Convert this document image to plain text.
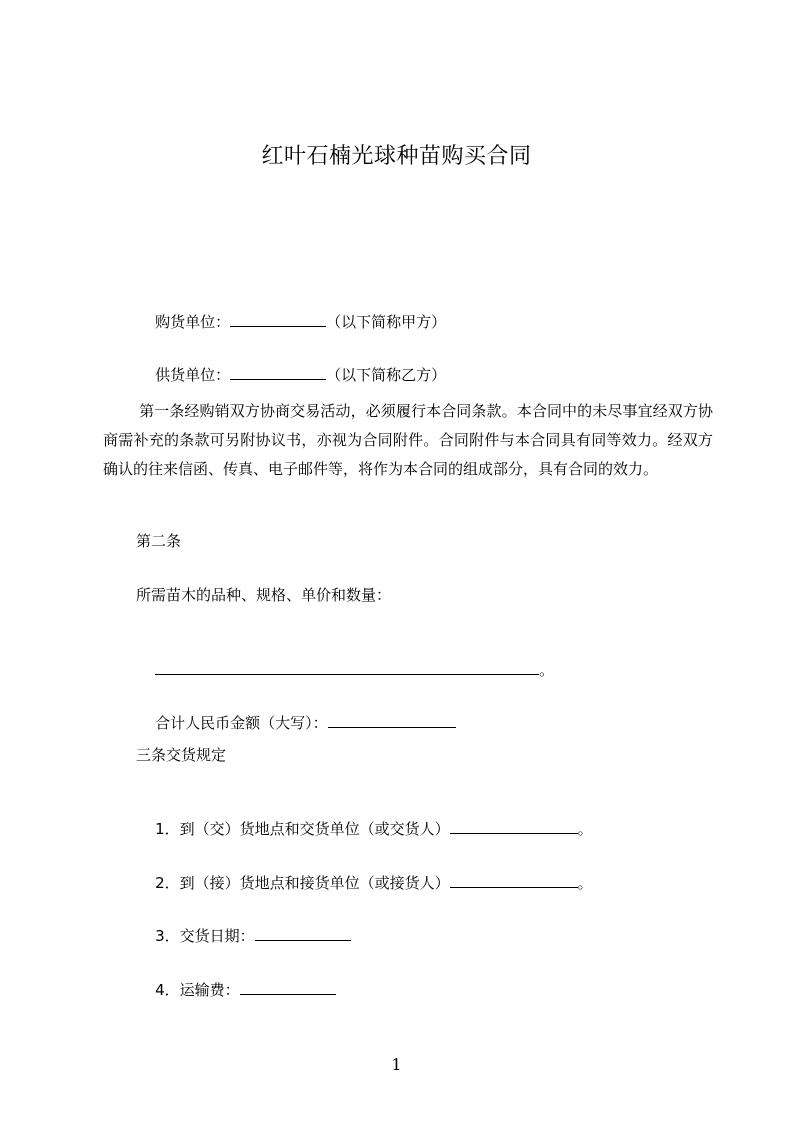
红叶石楠光球种苗购买合同

购货单位：	（以下简称甲方）

供货单位：	（以下简称乙方）

第一条经购销双方协商交易活动，必须履行本合同条款。本合同中的未尽事宜经双方协商需补充的条款可另附协议书，亦视为合同附件。合同附件与本合同具有同等效力。经双方确认的往来信函、传真、电子邮件等，将作为本合同的组成部分，具有合同的效力。
第二条
所需苗木的品种、规格、单价和数量：

。

合计人民币金额（大写）：

三条交货规定

1．到（交）货地点和交货单位（或交货人）	。

2．到（接）货地点和接货单位（或接货人）	。

3．交货日期：

4．运输费：

1
